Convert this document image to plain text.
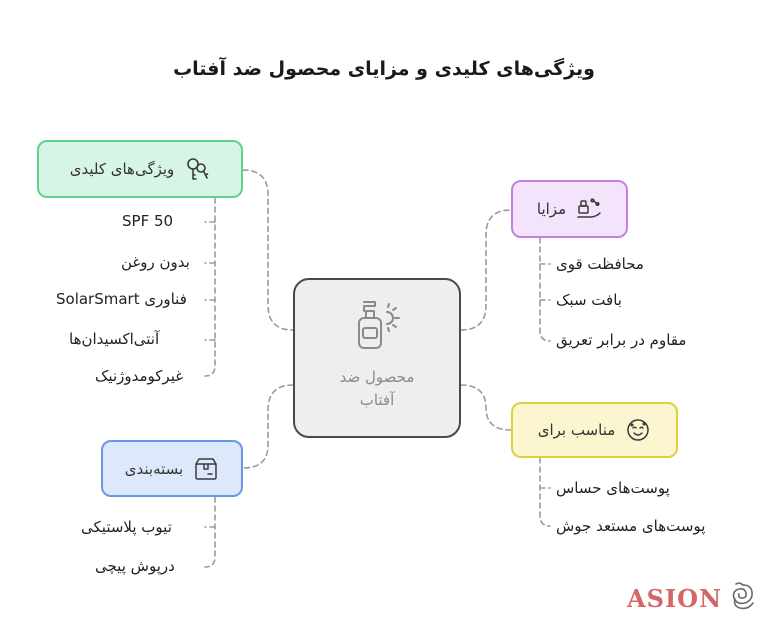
ویژگی‌های کلیدی و مزایای محصول ضد آفتاب
ویژگی‌های کلیدی
SPF 50
بدون روغن
فناوری SolarSmart
آنتی‌اکسیدان‌ها
غیرکومدوژنیک
مزایا
محافظت قوی
بافت سبک
مقاوم در برابر تعریق
مناسب برای
پوست‌های حساس
پوست‌های مستعد جوش
بسته‌بندی
تیوب پلاستیکی
درپوش پیچی
محصول ضد
آفتاب
ASION
